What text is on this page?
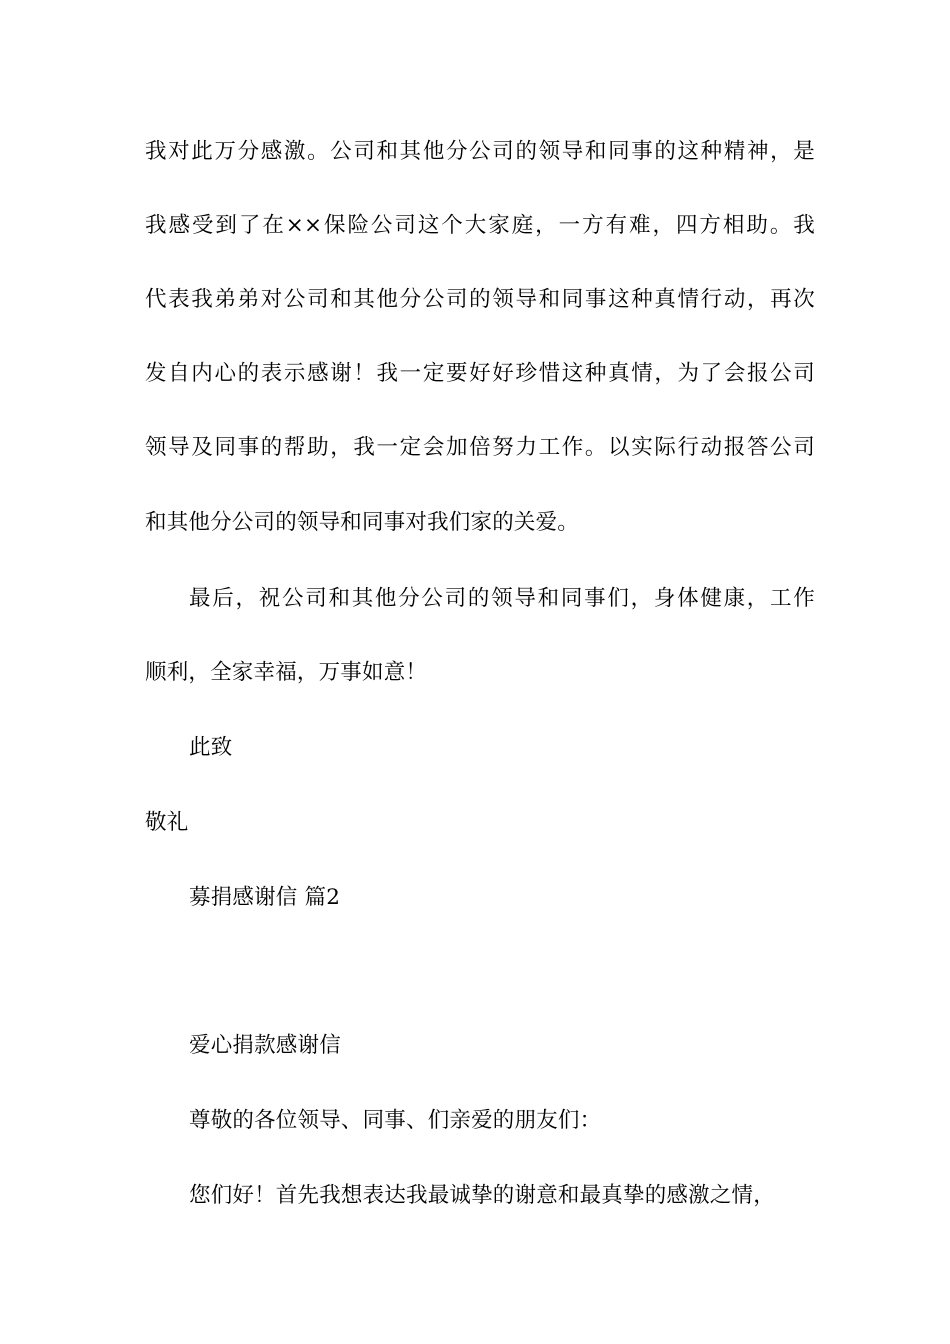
我对此万分感激。公司和其他分公司的领导和同事的这种精神，是

我感受到了在××保险公司这个大家庭，一方有难，四方相助。我

代表我弟弟对公司和其他分公司的领导和同事这种真情行动，再次

发自内心的表示感谢！我一定要好好珍惜这种真情，为了会报公司

领导及同事的帮助，我一定会加倍努力工作。以实际行动报答公司

和其他分公司的领导和同事对我们家的关爱。

最后，祝公司和其他分公司的领导和同事们，身体健康，工作

顺利，全家幸福，万事如意！

此致

敬礼

募捐感谢信 篇2

爱心捐款感谢信

尊敬的各位领导、同事、们亲爱的朋友们：

您们好！首先我想表达我最诚挚的谢意和最真挚的感激之情，
